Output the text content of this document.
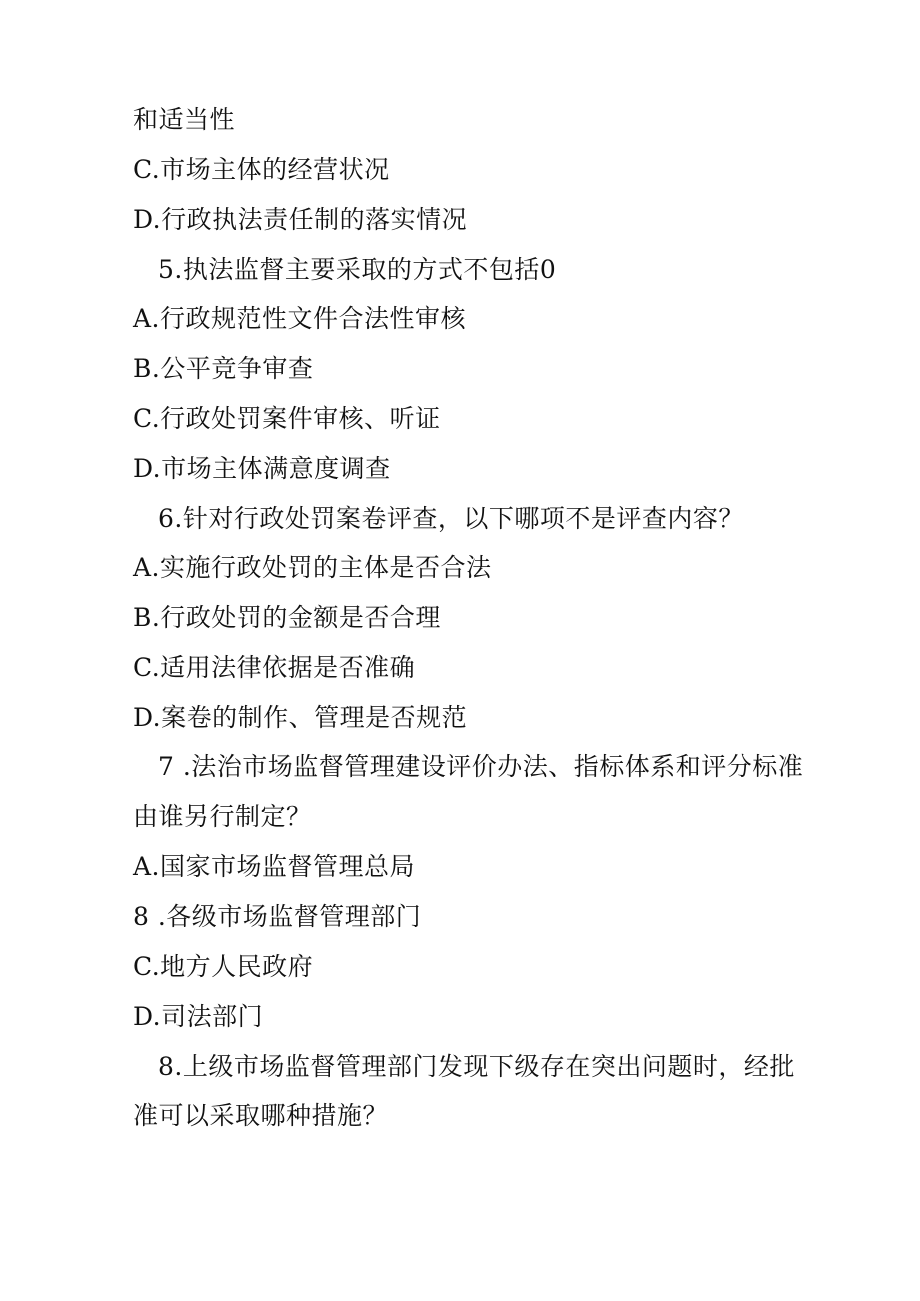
和适当性
C.市场主体的经营状况
D.行政执法责任制的落实情况
5.执法监督主要采取的方式不包括0
A.行政规范性文件合法性审核
B.公平竞争审查
C.行政处罚案件审核、听证
D.市场主体满意度调查
6.针对行政处罚案卷评查，以下哪项不是评查内容？
A.实施行政处罚的主体是否合法
B.行政处罚的金额是否合理
C.适用法律依据是否准确
D.案卷的制作、管理是否规范
7 .法治市场监督管理建设评价办法、指标体系和评分标准
由谁另行制定？
A.国家市场监督管理总局
8 .各级市场监督管理部门
C.地方人民政府
D.司法部门
8.上级市场监督管理部门发现下级存在突出问题时，经批
准可以采取哪种措施？
